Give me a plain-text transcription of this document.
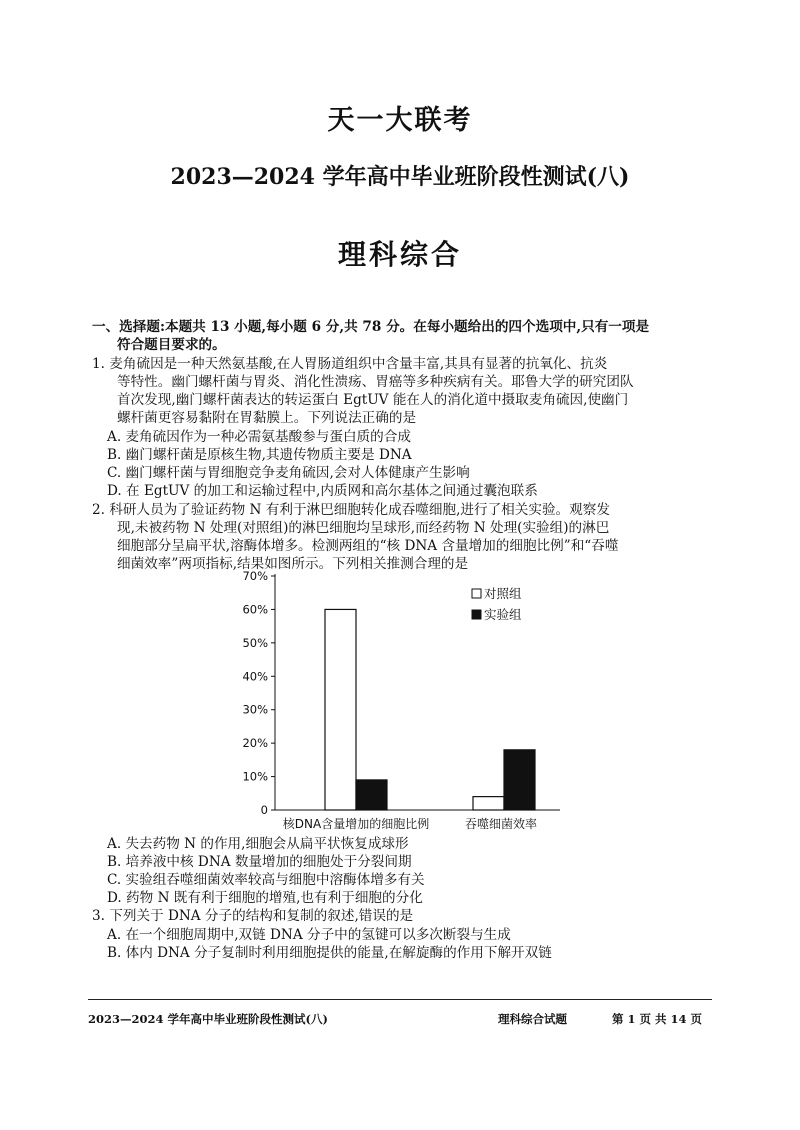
天一大联考
2023—2024 学年高中毕业班阶段性测试(八)
理科综合
一、选择题:本题共 13 小题,每小题 6 分,共 78 分。在每小题给出的四个选项中,只有一项是
符合题目要求的。
1. 麦角硫因是一种天然氨基酸,在人胃肠道组织中含量丰富,其具有显著的抗氧化、抗炎
等特性。幽门螺杆菌与胃炎、消化性溃疡、胃癌等多种疾病有关。耶鲁大学的研究团队
首次发现,幽门螺杆菌表达的转运蛋白 EgtUV 能在人的消化道中摄取麦角硫因,使幽门
螺杆菌更容易黏附在胃黏膜上。下列说法正确的是
A. 麦角硫因作为一种必需氨基酸参与蛋白质的合成
B. 幽门螺杆菌是原核生物,其遗传物质主要是 DNA
C. 幽门螺杆菌与胃细胞竞争麦角硫因,会对人体健康产生影响
D. 在 EgtUV 的加工和运输过程中,内质网和高尔基体之间通过囊泡联系
2. 科研人员为了验证药物 N 有利于淋巴细胞转化成吞噬细胞,进行了相关实验。观察发
现,未被药物 N 处理(对照组)的淋巴细胞均呈球形,而经药物 N 处理(实验组)的淋巴
细胞部分呈扁平状,溶酶体增多。检测两组的“核 DNA 含量增加的细胞比例”和“吞噬
细菌效率”两项指标,结果如图所示。下列相关推测合理的是
0
10%
20%
30%
40%
50%
60%
70%
核DNA含量增加的细胞比例	吞噬细菌效率
对照组
实验组
A. 失去药物 N 的作用,细胞会从扁平状恢复成球形
B. 培养液中核 DNA 数量增加的细胞处于分裂间期
C. 实验组吞噬细菌效率较高与细胞中溶酶体增多有关
D. 药物 N 既有利于细胞的增殖,也有利于细胞的分化
3. 下列关于 DNA 分子的结构和复制的叙述,错误的是
A. 在一个细胞周期中,双链 DNA 分子中的氢键可以多次断裂与生成
B. 体内 DNA 分子复制时利用细胞提供的能量,在解旋酶的作用下解开双链
2023—2024 学年高中毕业班阶段性测试(八)	理科综合试题	第 1 页 共 14 页
